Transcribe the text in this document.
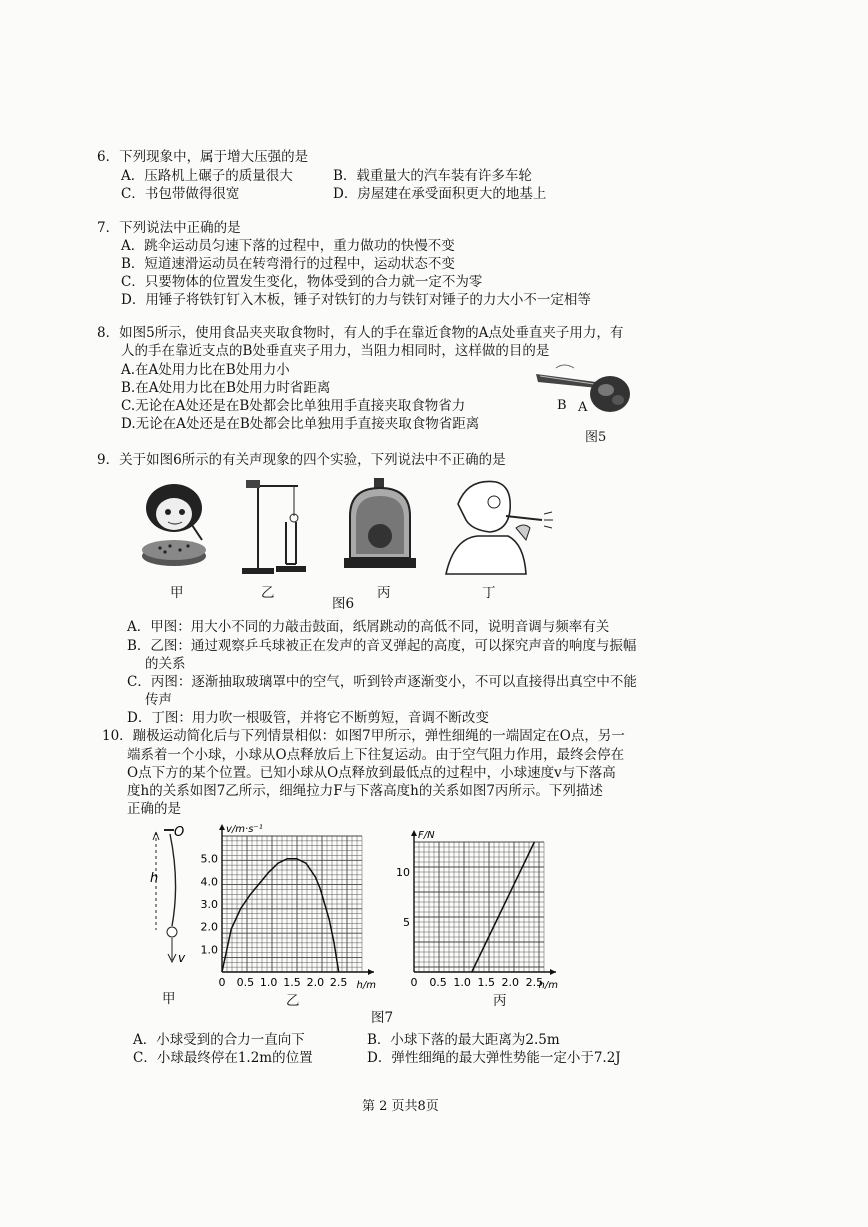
6．下列现象中，属于增大压强的是
A．压路机上碾子的质量很大	B．载重量大的汽车装有许多车轮
C．书包带做得很宽	D．房屋建在承受面积更大的地基上
7．下列说法中正确的是
A．跳伞运动员匀速下落的过程中，重力做功的快慢不变
B．短道速滑运动员在转弯滑行的过程中，运动状态不变
C．只要物体的位置发生变化，物体受到的合力就一定不为零
D．用锤子将铁钉钉入木板，锤子对铁钉的力与铁钉对锤子的力大小不一定相等
8．如图5所示，使用食品夹夹取食物时，有人的手在靠近食物的A点处垂直夹子用力，有
人的手在靠近支点的B处垂直夹子用力，当阻力相同时，这样做的目的是
A.在A处用力比在B处用力小
B.在A处用力比在B处用力时省距离
C.无论在A处还是在B处都会比单独用手直接夹取食物省力
D.无论在A处还是在B处都会比单独用手直接夹取食物省距离
B A
图5
9．关于如图6所示的有关声现象的四个实验，下列说法中不正确的是
甲	乙	丙	丁
图6
A．甲图：用大小不同的力敲击鼓面，纸屑跳动的高低不同，说明音调与频率有关
B．乙图：通过观察乒乓球被正在发声的音叉弹起的高度，可以探究声音的响度与振幅
的关系
C．丙图：逐渐抽取玻璃罩中的空气，听到铃声逐渐变小，不可以直接得出真空中不能
传声
D．丁图：用力吹一根吸管，并将它不断剪短，音调不断改变
10．蹦极运动简化后与下列情景相似：如图7甲所示，弹性细绳的一端固定在O点，另一
端系着一个小球，小球从O点释放后上下往复运动。由于空气阻力作用，最终会停在
O点下方的某个位置。已知小球从O点释放到最低点的过程中，小球速度v与下落高
度h的关系如图7乙所示，细绳拉力F与下落高度h的关系如图7丙所示。下列描述
正确的是
O
h
v
0 0.5 1.0 1.5 2.0 2.5
1.0
2.0
3.0
4.0
5.0
h/m
v/m·s⁻¹
0 0.5 1.0 1.5 2.0 2.5
5
10
h/m
F/N
甲	乙	丙
图7
A．小球受到的合力一直向下	B．小球下落的最大距离为2.5m
C．小球最终停在1.2m的位置	D．弹性细绳的最大弹性势能一定小于7.2J
第 2 页共8页
